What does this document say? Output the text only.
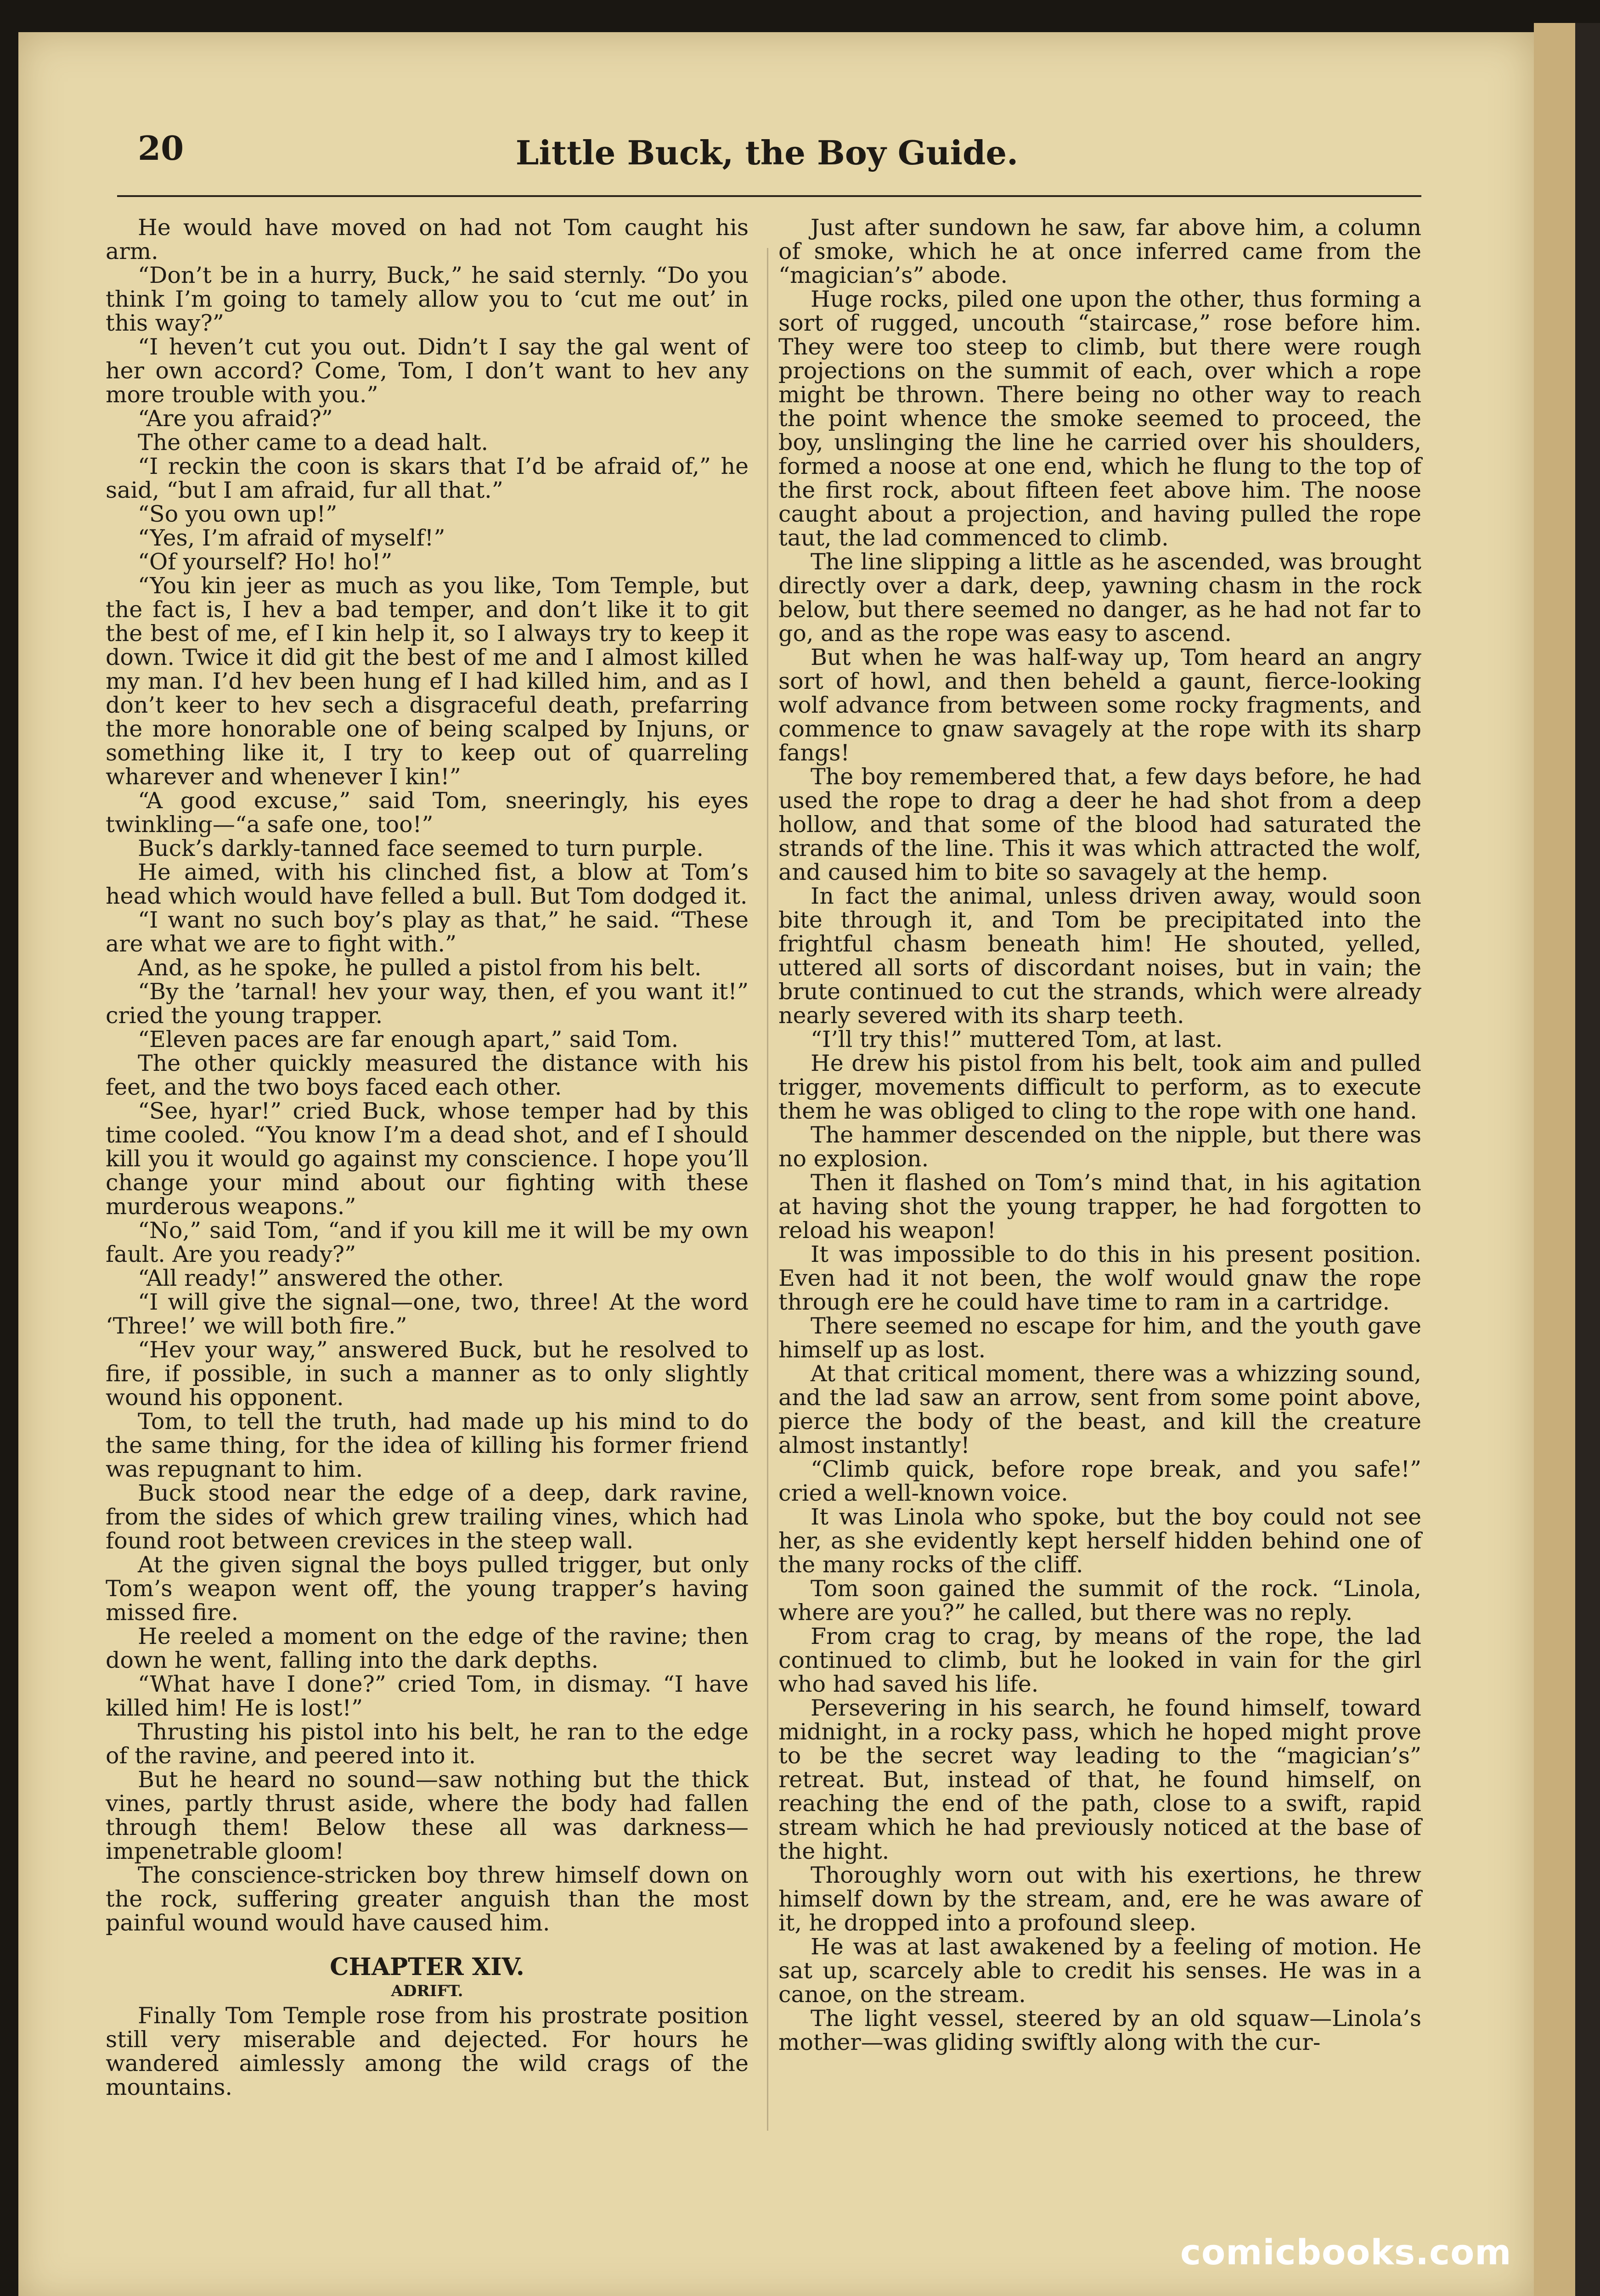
20	Little Buck, the Boy Guide.

He would have moved on had not Tom caught his arm.

“Don’t be in a hurry, Buck,” he said sternly. “Do you think I’m going to tamely allow you to ‘cut me out’ in this way?”

“I heven’t cut you out. Didn’t I say the gal went of her own accord? Come, Tom, I don’t want to hev any more trouble with you.”

“Are you afraid?”

The other came to a dead halt.

“I reckin the coon is skars that I’d be afraid of,” he said, “but I am afraid, fur all that.”

“So you own up!”

“Yes, I’m afraid of myself!”

“Of yourself? Ho! ho!”

“You kin jeer as much as you like, Tom Temple, but the fact is, I hev a bad temper, and don’t like it to git the best of me, ef I kin help it, so I always try to keep it down. Twice it did git the best of me and I almost killed my man. I’d hev been hung ef I had killed him, and as I don’t keer to hev sech a disgraceful death, prefarring the more honorable one of being scalped by Injuns, or something like it, I try to keep out of quarreling wharever and whenever I kin!”

“A good excuse,” said Tom, sneeringly, his eyes twinkling—“a safe one, too!”

Buck’s darkly-tanned face seemed to turn purple.

He aimed, with his clinched fist, a blow at Tom’s head which would have felled a bull. But Tom dodged it.

“I want no such boy’s play as that,” he said. “These are what we are to fight with.”

And, as he spoke, he pulled a pistol from his belt.

“By the ’tarnal! hev your way, then, ef you want it!” cried the young trapper.

“Eleven paces are far enough apart,” said Tom.

The other quickly measured the distance with his feet, and the two boys faced each other.

“See, hyar!” cried Buck, whose temper had by this time cooled. “You know I’m a dead shot, and ef I should kill you it would go against my conscience. I hope you’ll change your mind about our fighting with these murderous weapons.”

“No,” said Tom, “and if you kill me it will be my own fault. Are you ready?”

“All ready!” answered the other.

“I will give the signal—one, two, three! At the word ‘Three!’ we will both fire.”

“Hev your way,” answered Buck, but he resolved to fire, if possible, in such a manner as to only slightly wound his opponent.

Tom, to tell the truth, had made up his mind to do the same thing, for the idea of killing his former friend was repugnant to him.

Buck stood near the edge of a deep, dark ravine, from the sides of which grew trailing vines, which had found root between crevices in the steep wall.

At the given signal the boys pulled trigger, but only Tom’s weapon went off, the young trapper’s having missed fire.

He reeled a moment on the edge of the ravine; then down he went, falling into the dark depths.

“What have I done?” cried Tom, in dismay. “I have killed him! He is lost!”

Thrusting his pistol into his belt, he ran to the edge of the ravine, and peered into it.

But he heard no sound—saw nothing but the thick vines, partly thrust aside, where the body had fallen through them! Below these all was darkness—impenetrable gloom!

The conscience-stricken boy threw himself down on the rock, suffering greater anguish than the most painful wound would have caused him.

CHAPTER XIV.
ADRIFT.

Finally Tom Temple rose from his prostrate position still very miserable and dejected. For hours he wandered aimlessly among the wild crags of the mountains.

Just after sundown he saw, far above him, a column of smoke, which he at once inferred came from the “magician’s” abode.

Huge rocks, piled one upon the other, thus forming a sort of rugged, uncouth “staircase,” rose before him. They were too steep to climb, but there were rough projections on the summit of each, over which a rope might be thrown. There being no other way to reach the point whence the smoke seemed to proceed, the boy, unslinging the line he carried over his shoulders, formed a noose at one end, which he flung to the top of the first rock, about fifteen feet above him. The noose caught about a projection, and having pulled the rope taut, the lad commenced to climb.

The line slipping a little as he ascended, was brought directly over a dark, deep, yawning chasm in the rock below, but there seemed no danger, as he had not far to go, and as the rope was easy to ascend.

But when he was half-way up, Tom heard an angry sort of howl, and then beheld a gaunt, fierce-looking wolf advance from between some rocky fragments, and commence to gnaw savagely at the rope with its sharp fangs!

The boy remembered that, a few days before, he had used the rope to drag a deer he had shot from a deep hollow, and that some of the blood had saturated the strands of the line. This it was which attracted the wolf, and caused him to bite so savagely at the hemp.

In fact the animal, unless driven away, would soon bite through it, and Tom be precipitated into the frightful chasm beneath him! He shouted, yelled, uttered all sorts of discordant noises, but in vain; the brute continued to cut the strands, which were already nearly severed with its sharp teeth.

“I’ll try this!” muttered Tom, at last.

He drew his pistol from his belt, took aim and pulled trigger, movements difficult to perform, as to execute them he was obliged to cling to the rope with one hand.

The hammer descended on the nipple, but there was no explosion.

Then it flashed on Tom’s mind that, in his agitation at having shot the young trapper, he had forgotten to reload his weapon!

It was impossible to do this in his present position. Even had it not been, the wolf would gnaw the rope through ere he could have time to ram in a cartridge.

There seemed no escape for him, and the youth gave himself up as lost.

At that critical moment, there was a whizzing sound, and the lad saw an arrow, sent from some point above, pierce the body of the beast, and kill the creature almost instantly!

“Climb quick, before rope break, and you safe!” cried a well-known voice.

It was Linola who spoke, but the boy could not see her, as she evidently kept herself hidden behind one of the many rocks of the cliff.

Tom soon gained the summit of the rock. “Linola, where are you?” he called, but there was no reply.

From crag to crag, by means of the rope, the lad continued to climb, but he looked in vain for the girl who had saved his life.

Persevering in his search, he found himself, toward midnight, in a rocky pass, which he hoped might prove to be the secret way leading to the “magician’s” retreat. But, instead of that, he found himself, on reaching the end of the path, close to a swift, rapid stream which he had previously noticed at the base of the hight.

Thoroughly worn out with his exertions, he threw himself down by the stream, and, ere he was aware of it, he dropped into a profound sleep.

He was at last awakened by a feeling of motion. He sat up, scarcely able to credit his senses. He was in a canoe, on the stream.

The light vessel, steered by an old squaw—Linola’s mother—was gliding swiftly along with the cur-

comicbooks.com
